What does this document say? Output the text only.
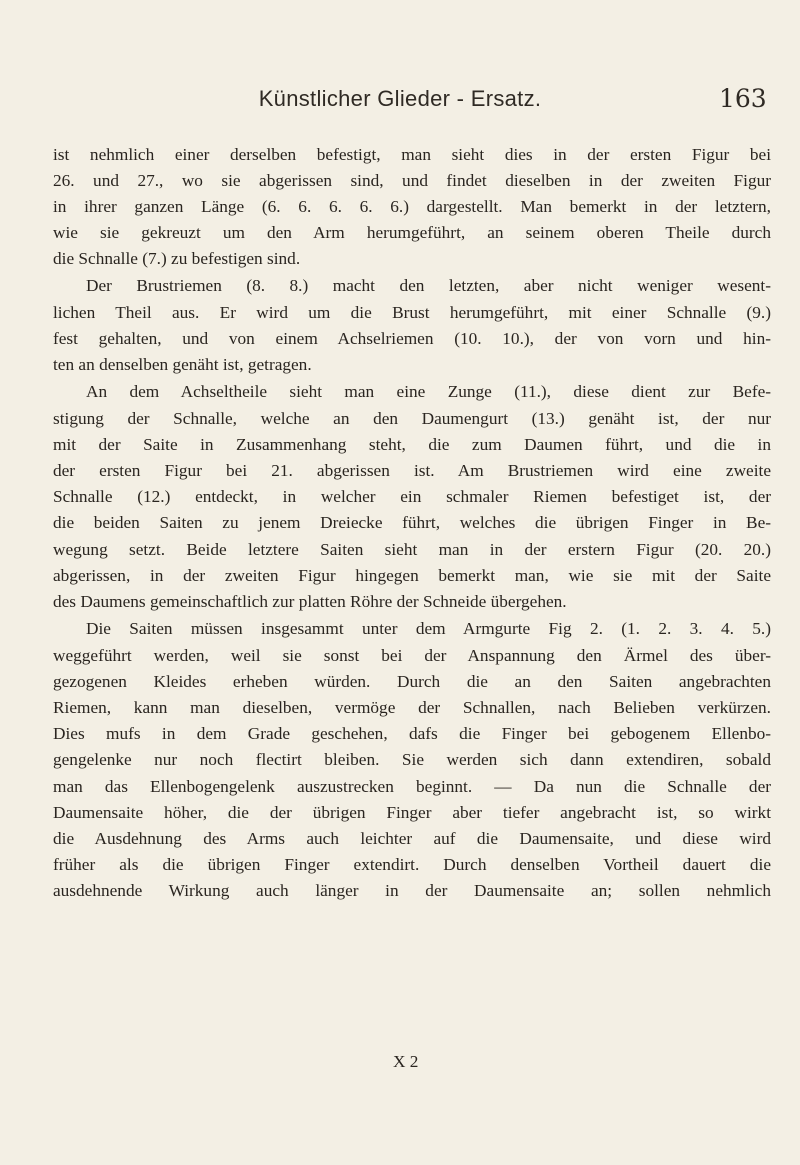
Künstlicher Glieder - Ersatz.	163
ist nehmlich einer derselben befestigt, man sieht dies in der ersten Figur bei
26. und 27., wo sie abgerissen sind, und findet dieselben in der zweiten Figur
in ihrer ganzen Länge (6. 6. 6. 6. 6.) dargestellt. Man bemerkt in der letztern,
wie sie gekreuzt um den Arm herumgeführt, an seinem oberen Theile durch
die Schnalle (7.) zu befestigen sind.
Der Brustriemen (8. 8.) macht den letzten, aber nicht weniger wesent-
lichen Theil aus. Er wird um die Brust herumgeführt, mit einer Schnalle (9.)
fest gehalten, und von einem Achselriemen (10. 10.), der von vorn und hin-
ten an denselben genäht ist, getragen.
An dem Achseltheile sieht man eine Zunge (11.), diese dient zur Befe-
stigung der Schnalle, welche an den Daumengurt (13.) genäht ist, der nur
mit der Saite in Zusammenhang steht, die zum Daumen führt, und die in
der ersten Figur bei 21. abgerissen ist. Am Brustriemen wird eine zweite
Schnalle (12.) entdeckt, in welcher ein schmaler Riemen befestiget ist, der
die beiden Saiten zu jenem Dreiecke führt, welches die übrigen Finger in Be-
wegung setzt. Beide letztere Saiten sieht man in der erstern Figur (20. 20.)
abgerissen, in der zweiten Figur hingegen bemerkt man, wie sie mit der Saite
des Daumens gemeinschaftlich zur platten Röhre der Schneide übergehen.
Die Saiten müssen insgesammt unter dem Armgurte Fig 2. (1. 2. 3. 4. 5.)
weggeführt werden, weil sie sonst bei der Anspannung den Ärmel des über-
gezogenen Kleides erheben würden. Durch die an den Saiten angebrachten
Riemen, kann man dieselben, vermöge der Schnallen, nach Belieben verkürzen.
Dies mufs in dem Grade geschehen, dafs die Finger bei gebogenem Ellenbo-
gengelenke nur noch flectirt bleiben. Sie werden sich dann extendiren, sobald
man das Ellenbogengelenk auszustrecken beginnt. — Da nun die Schnalle der
Daumensaite höher, die der übrigen Finger aber tiefer angebracht ist, so wirkt
die Ausdehnung des Arms auch leichter auf die Daumensaite, und diese wird
früher als die übrigen Finger extendirt. Durch denselben Vortheil dauert die
ausdehnende Wirkung auch länger in der Daumensaite an; sollen nehmlich
X 2
